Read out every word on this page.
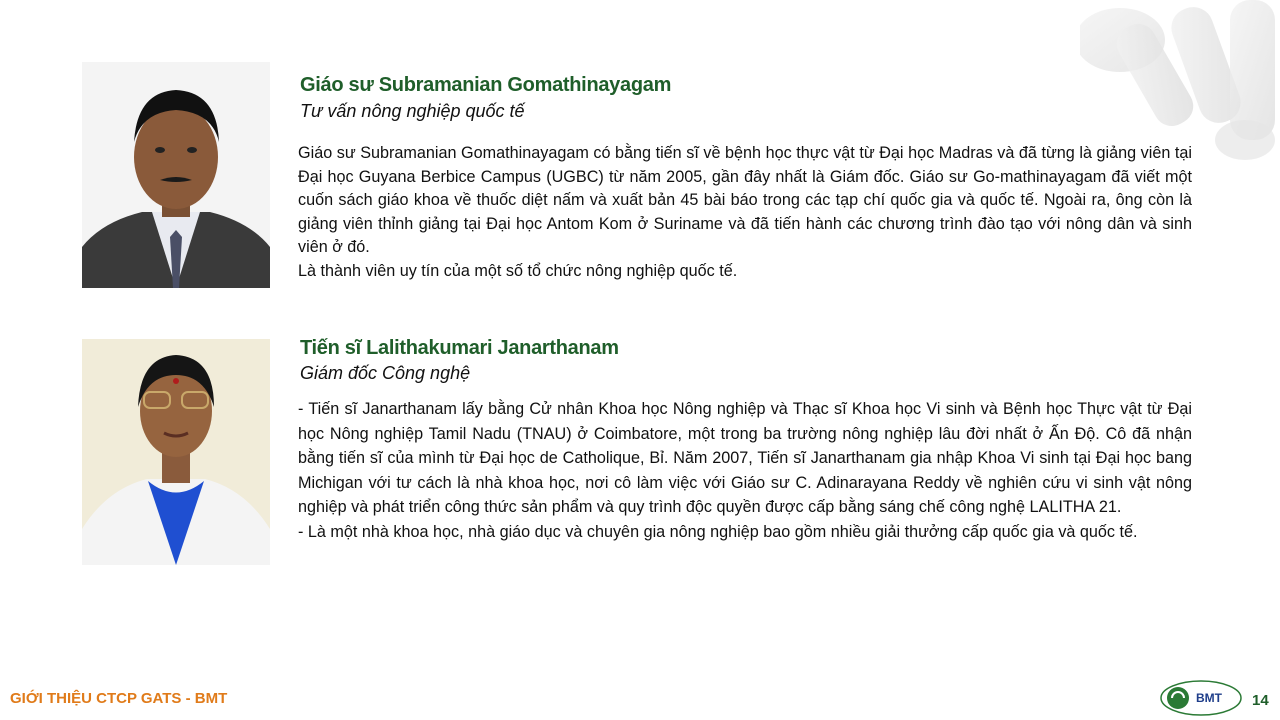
Giáo sư Subramanian Gomathinayagam
Tư vấn nông nghiệp quốc tế

Giáo sư Subramanian Gomathinayagam có bằng tiến sĩ về bệnh học thực vật từ Đại học Madras và đã từng là giảng viên tại Đại học Guyana Berbice Campus (UGBC) từ năm 2005, gần đây nhất là Giám đốc. Giáo sư Go-mathinayagam đã viết một cuốn sách giáo khoa về thuốc diệt nấm và xuất bản 45 bài báo trong các tạp chí quốc gia và quốc tế. Ngoài ra, ông còn là giảng viên thỉnh giảng tại Đại học Antom Kom ở Suriname và đã tiến hành các chương trình đào tạo với nông dân và sinh viên ở đó.

Là thành viên uy tín của một số tổ chức nông nghiệp quốc tế.

Tiến sĩ Lalithakumari Janarthanam
Giám đốc Công nghệ

- Tiến sĩ Janarthanam lấy bằng Cử nhân Khoa học Nông nghiệp và Thạc sĩ Khoa học Vi sinh và Bệnh học Thực vật từ Đại học Nông nghiệp Tamil Nadu (TNAU) ở Coimbatore, một trong ba trường nông nghiệp lâu đời nhất ở Ấn Độ. Cô đã nhận bằng tiến sĩ của mình từ Đại học de Catholique, Bỉ. Năm 2007, Tiến sĩ Janarthanam gia nhập Khoa Vi sinh tại Đại học bang Michigan với tư cách là nhà khoa học, nơi cô làm việc với Giáo sư C. Adinarayana Reddy về nghiên cứu vi sinh vật nông nghiệp và phát triển công thức sản phẩm và quy trình độc quyền được cấp bằng sáng chế công nghệ LALITHA 21.

- Là một nhà khoa học, nhà giáo dục và chuyên gia nông nghiệp bao gồm nhiều giải thưởng cấp quốc gia và quốc tế.

GIỚI THIỆU CTCP GATS - BMT	BMT 14
